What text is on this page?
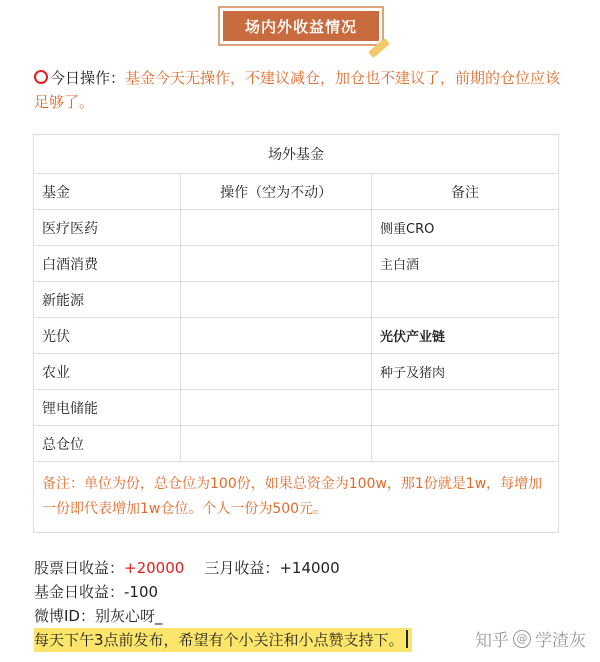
场内外收益情况
今日操作：基金今天无操作，不建议减仓，加仓也不建议了，前期的仓位应该足够了。
场外基金		
基金	操作（空为不动）	备注
医疗医药		侧重CRO
白酒消费		主白酒
新能源		
光伏		光伏产业链
农业		种子及猪肉
锂电储能		
总仓位		
备注：单位为份，总仓位为100份，如果总资金为100w，那1份就是1w，每增加一份即代表增加1w仓位。个人一份为500元。		
股票日收益：+20000 三月收益：+14000
基金日收益：-100
微博ID：别灰心呀_
每天下午3点前发布，希望有个小关注和小点赞支持下。	知乎 @ 学渣灰
